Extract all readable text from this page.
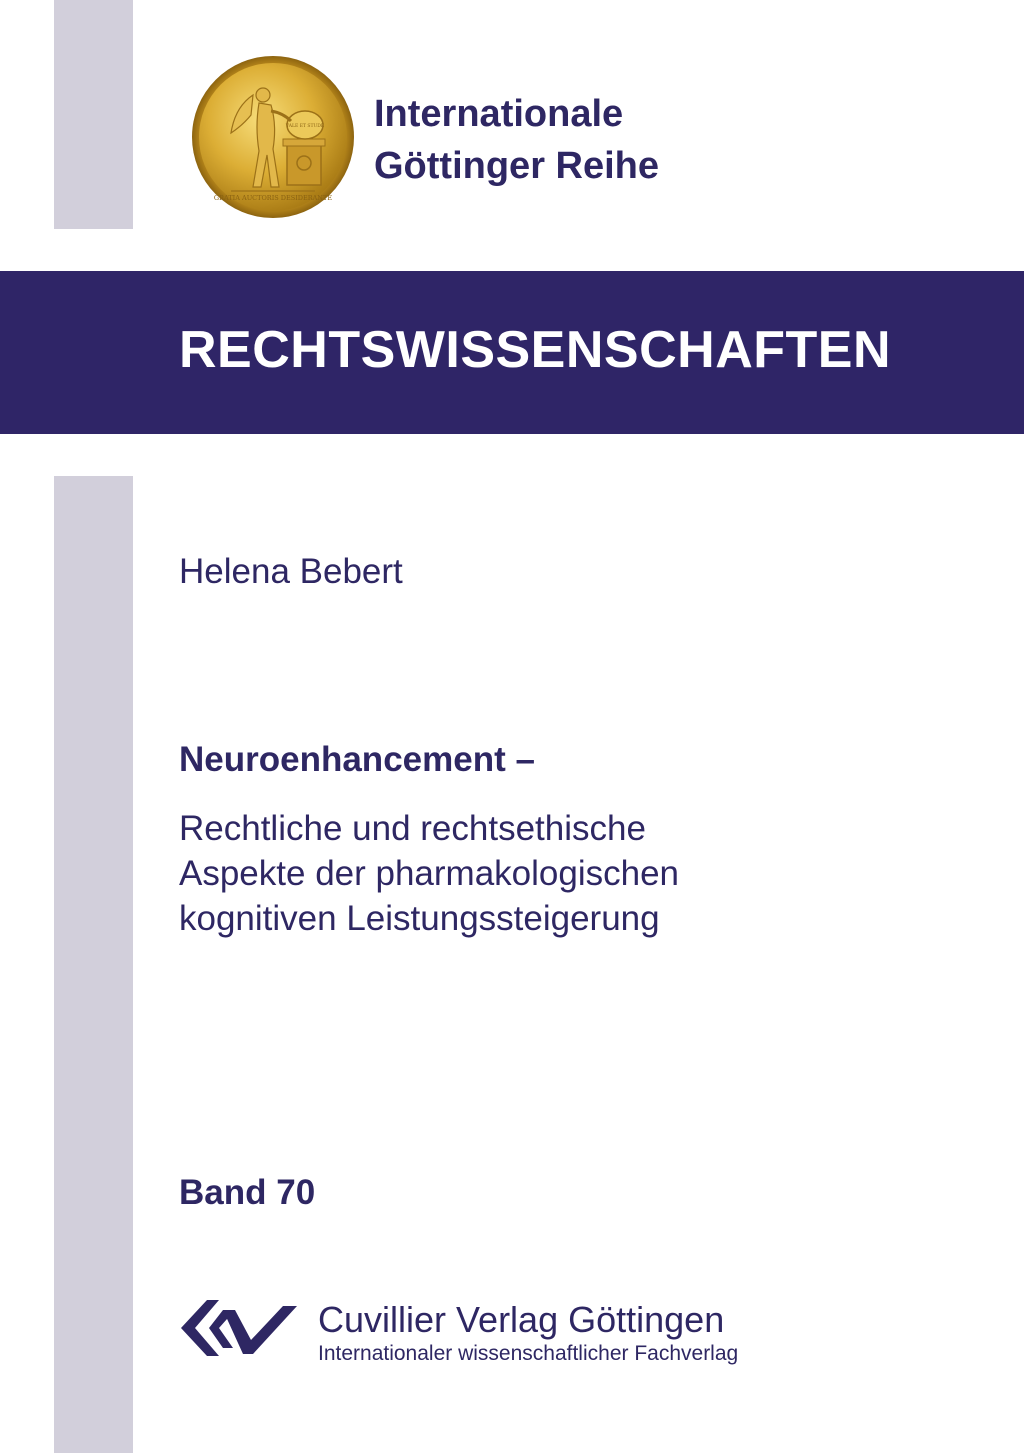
GRATIA AUCTORIS DESIDERANTE
VALE ET STUDE Internationale
Göttinger Reihe
RECHTSWISSENSCHAFTEN
Helena Bebert
Neuroenhancement –
Rechtliche und rechtsethische
Aspekte der pharmakologischen
kognitiven Leistungssteigerung
Band 70
Cuvillier Verlag Göttingen
Internationaler wissenschaftlicher Fachverlag
